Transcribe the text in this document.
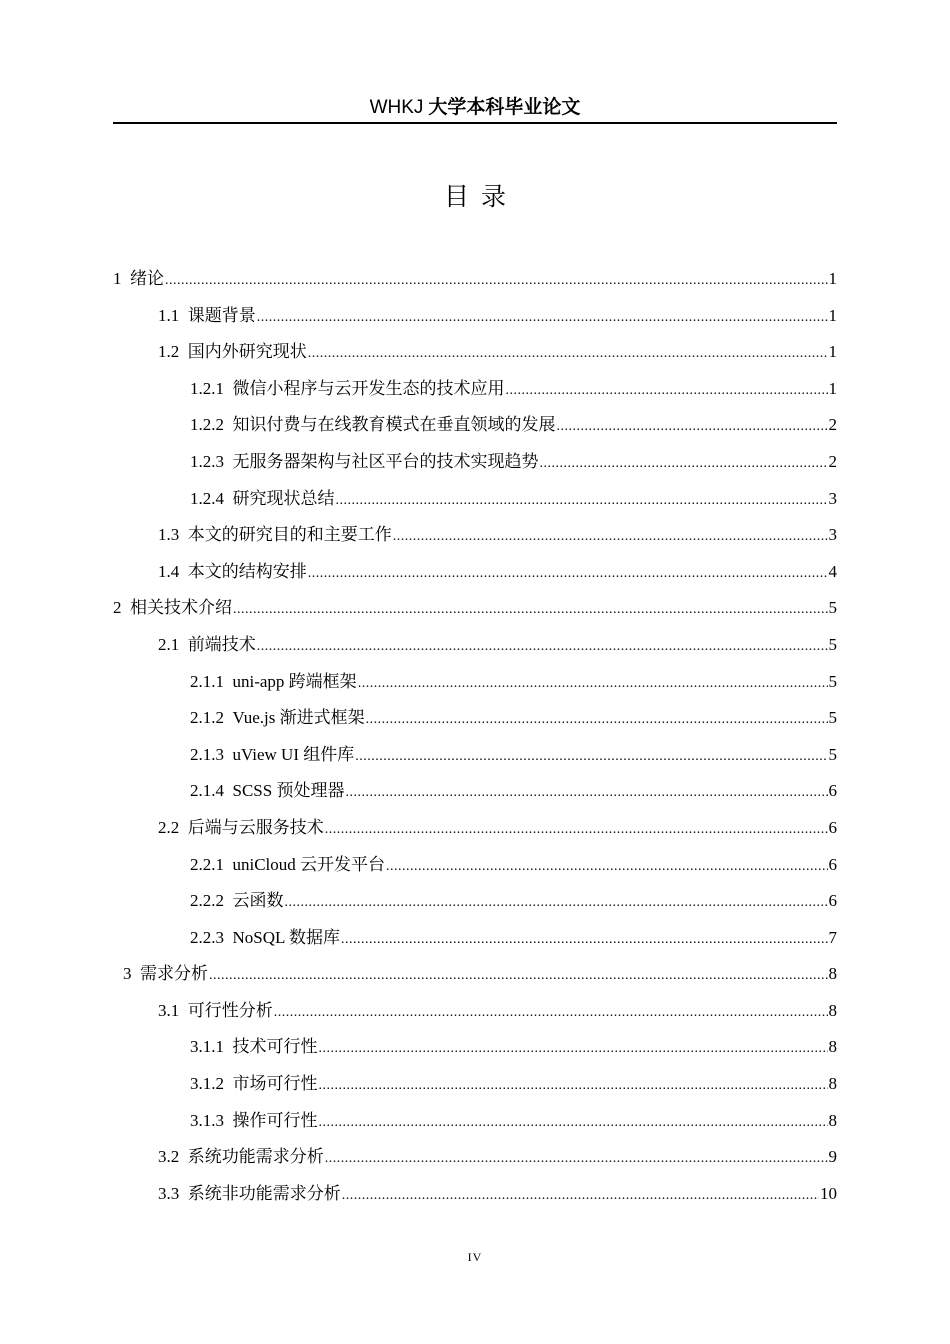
WHKJ 大学本科毕业论文
目录
1 绪论 .....	1
1.1 课题背景 .....	1
1.2 国内外研究现状 .....	1
1.2.1 微信小程序与云开发生态的技术应用 .....	1
1.2.2 知识付费与在线教育模式在垂直领域的发展 .....	2
1.2.3 无服务器架构与社区平台的技术实现趋势 .....	2
1.2.4 研究现状总结 .....	3
1.3 本文的研究目的和主要工作 .....	3
1.4 本文的结构安排 .....	4
2 相关技术介绍 .....	5
2.1 前端技术 .....	5
2.1.1 uni-app 跨端框架 .....	5
2.1.2 Vue.js 渐进式框架 .....	5
2.1.3 uView UI 组件库 .....	5
2.1.4 SCSS 预处理器 .....	6
2.2 后端与云服务技术 .....	6
2.2.1 uniCloud 云开发平台 .....	6
2.2.2 云函数 .....	6
2.2.3 NoSQL 数据库 .....	7
3 需求分析 .....	8
3.1 可行性分析 .....	8
3.1.1 技术可行性 .....	8
3.1.2 市场可行性 .....	8
3.1.3 操作可行性 .....	8
3.2 系统功能需求分析 .....	9
3.3 系统非功能需求分析 .....	10
IV
